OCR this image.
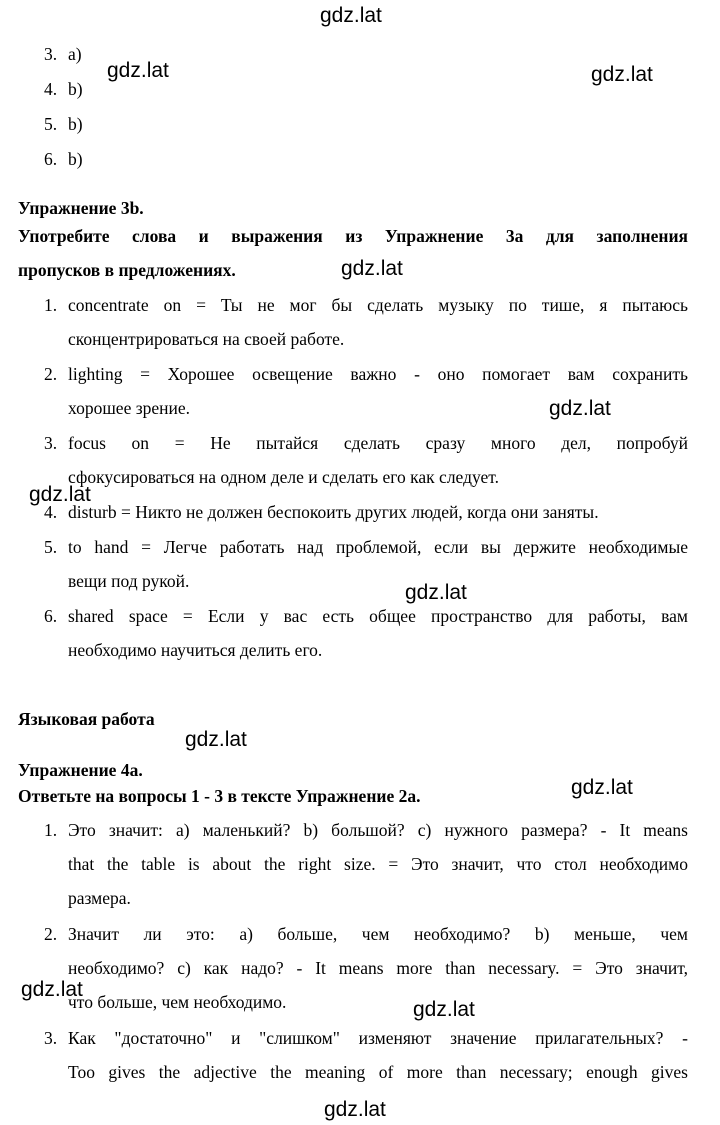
3. a)
4. b)
5. b)
6. b)
Упражнение 3b.
Употребите слова и выражения из Упражнение 3а для заполнения
пропусков в предложениях.
1. concentrate on = Ты не мог бы сделать музыку по тише, я пытаюсь
сконцентрироваться на своей работе.
2. lighting = Хорошее освещение важно - оно помогает вам сохранить
хорошее зрение.
3. focus on = Не пытайся сделать сразу много дел, попробуй
сфокусироваться на одном деле и сделать его как следует.
4. disturb = Никто не должен беспокоить других людей, когда они заняты.
5. to hand = Легче работать над проблемой, если вы держите необходимые
вещи под рукой.
6. shared space = Если у вас есть общее пространство для работы, вам
необходимо научиться делить его.
Языковая работа
Упражнение 4a.
Ответьте на вопросы 1 - 3 в тексте Упражнение 2а.
1. Это значит: a) маленький? b) большой? c) нужного размера? - It means
that the table is about the right size. = Это значит, что стол необходимо
размера.
2. Значит ли это: a) больше, чем необходимо? b) меньше, чем
необходимо? c) как надо? - It means more than necessary. = Это значит,
что больше, чем необходимо.
3. Как "достаточно" и "слишком" изменяют значение прилагательных? -
Too gives the adjective the meaning of more than necessary; enough gives
gdz.lat
gdz.lat	gdz.lat
gdz.lat
gdz.lat
gdz.lat
gdz.lat
gdz.lat
gdz.lat
gdz.lat
gdz.lat
gdz.lat
